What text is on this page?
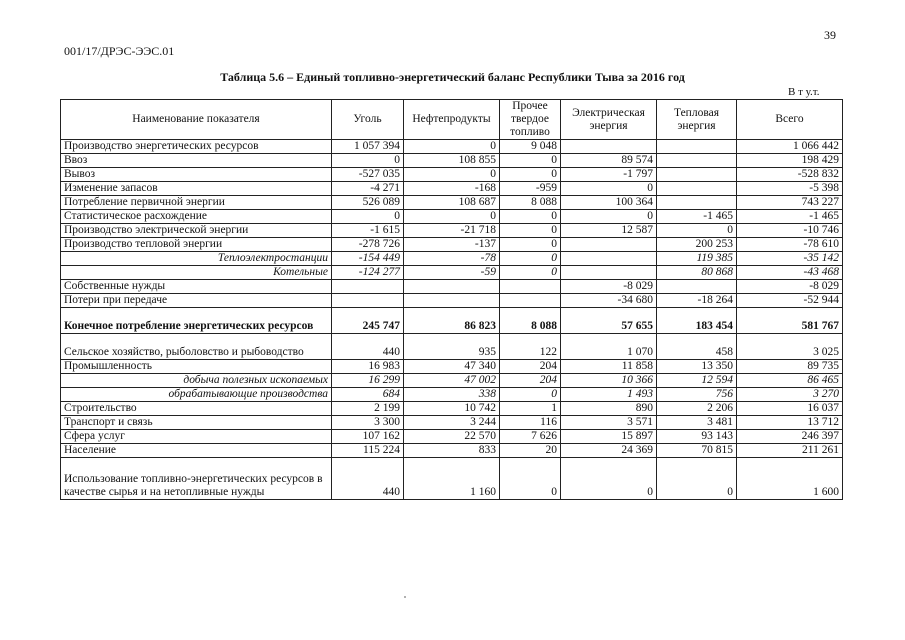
39
001/17/ДРЭС-ЭЭС.01
Таблица 5.6 – Единый топливно-энергетический баланс Республики Тыва за 2016 год
В т у.т.
Наименование показателя	Уголь	Нефтепродукты	Прочее твердое топливо	Электрическая энергия	Тепловая энергия	Всего
Производство энергетических ресурсов	1 057 394	0	9 048			1 066 442
Ввоз	0	108 855	0	89 574		198 429
Вывоз	-527 035	0	0	-1 797		-528 832
Изменение запасов	-4 271	-168	-959	0		-5 398
Потребление первичной энергии	526 089	108 687	8 088	100 364		743 227
Статистическое расхождение	0	0	0	0	-1 465	-1 465
Производство электрической энергии	-1 615	-21 718	0	12 587	0	-10 746
Производство тепловой энергии	-278 726	-137	0		200 253	-78 610
Теплоэлектростанции	-154 449	-78	0		119 385	-35 142
Котельные	-124 277	-59	0		80 868	-43 468
Собственные нужды				-8 029		-8 029
Потери при передаче				-34 680	-18 264	-52 944
Конечное потребление энергетических ресурсов	245 747	86 823	8 088	57 655	183 454	581 767
Сельское хозяйство, рыболовство и рыбоводство	440	935	122	1 070	458	3 025
Промышленность	16 983	47 340	204	11 858	13 350	89 735
добыча полезных ископаемых	16 299	47 002	204	10 366	12 594	86 465
обрабатывающие производства	684	338	0	1 493	756	3 270
Строительство	2 199	10 742	1	890	2 206	16 037
Транспорт и связь	3 300	3 244	116	3 571	3 481	13 712
Сфера услуг	107 162	22 570	7 626	15 897	93 143	246 397
Население	115 224	833	20	24 369	70 815	211 261
Использование топливно-энергетических ресурсов в качестве сырья и на нетопливные нужды	440	1 160	0	0	0	1 600
